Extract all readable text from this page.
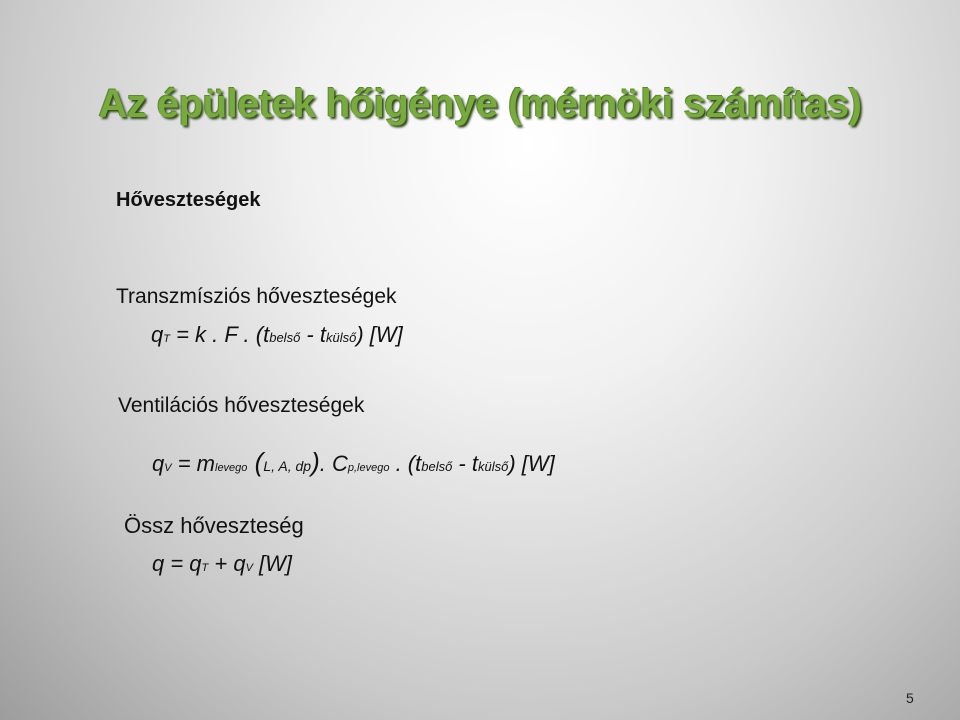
Az épületek hőigénye (mérnöki számítas)
Hőveszteségek
Transzmísziós hőveszteségek
qT = k . F . (tbelső - tkülső) [W]
Ventilációs hőveszteségek
qV = mlevego (L, A, dp). Cp,levego . (tbelső - tkülső) [W]
Össz hőveszteség
q = qT + qV [W]
5
